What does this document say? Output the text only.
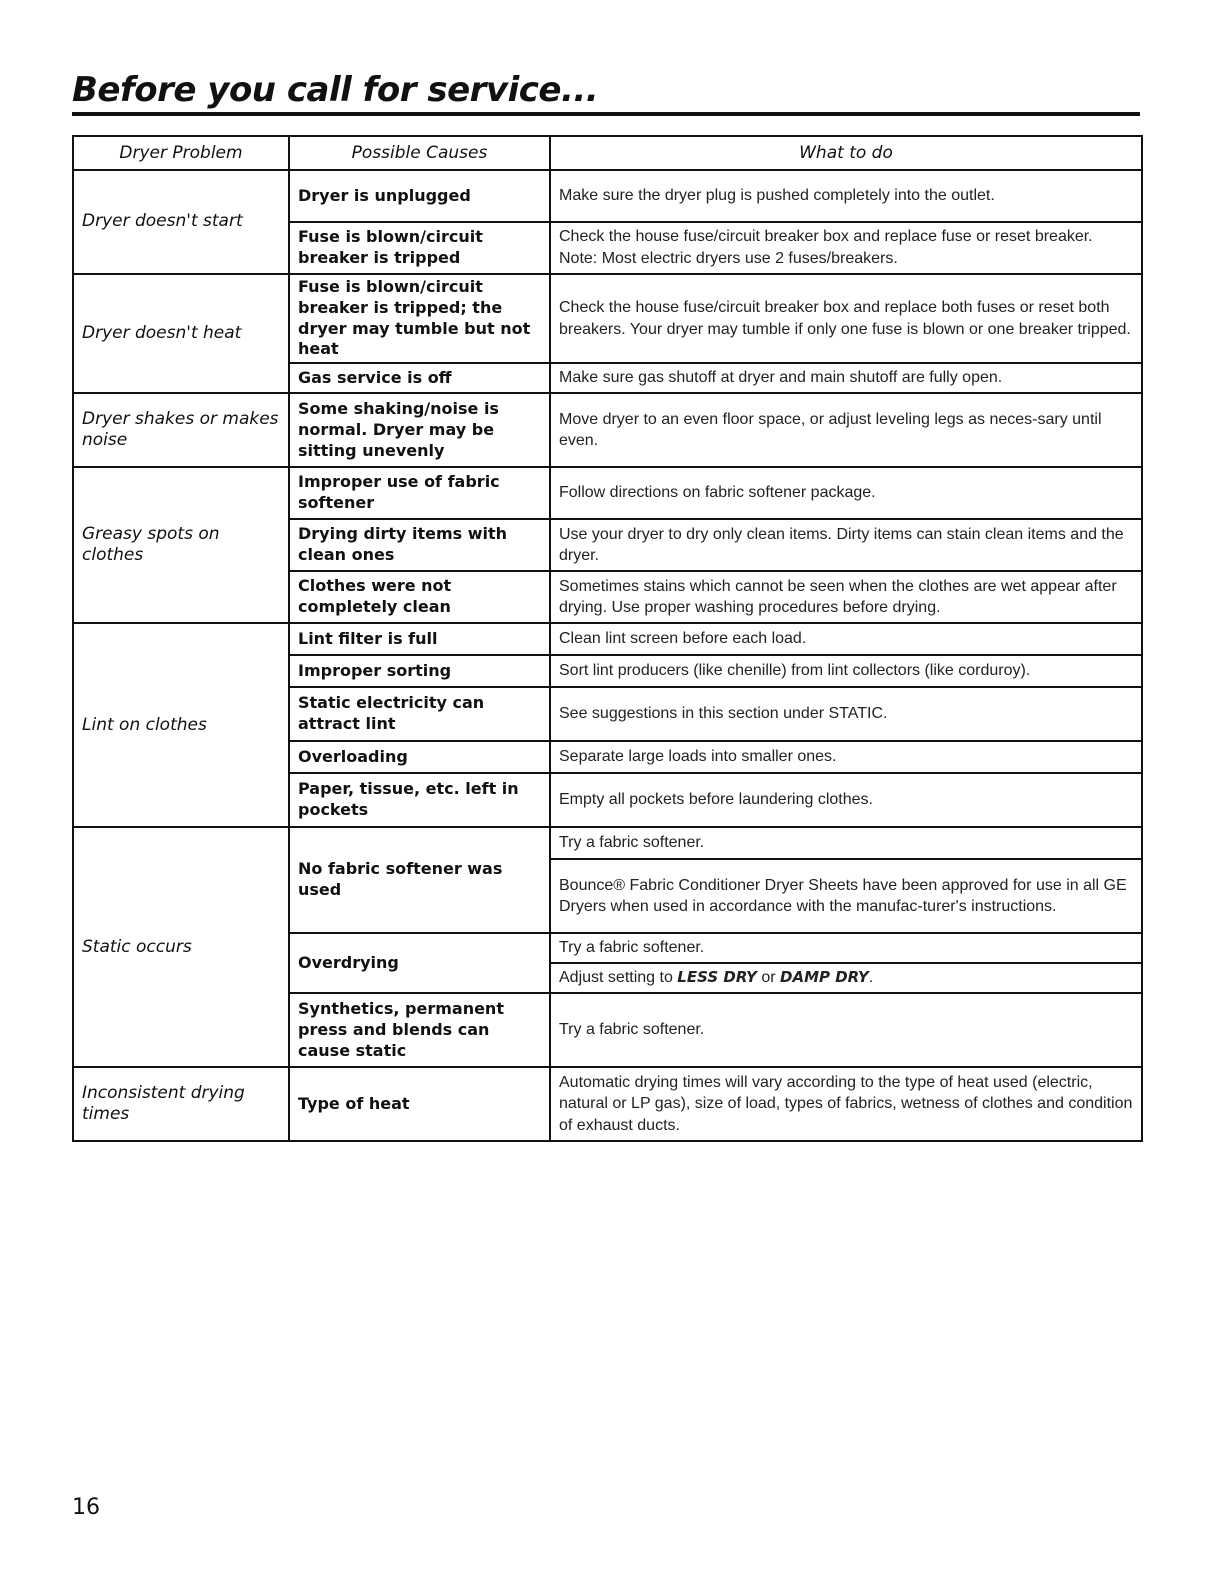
Before you call for service...
Dryer Problem	Possible Causes	What to do
Dryer doesn't start	Dryer is unplugged	Make sure the dryer plug is pushed completely into the outlet.
	Fuse is blown/circuit breaker is tripped	Check the house fuse/circuit breaker box and replace fuse or reset breaker. Note: Most electric dryers use 2 fuses/breakers.
Dryer doesn't heat	Fuse is blown/circuit breaker is tripped; the dryer may tumble but not heat	Check the house fuse/circuit breaker box and replace both fuses or reset both breakers. Your dryer may tumble if only one fuse is blown or one breaker tripped.
	Gas service is off	Make sure gas shutoff at dryer and main shutoff are fully open.
Dryer shakes or makes noise	Some shaking/noise is normal. Dryer may be sitting unevenly	Move dryer to an even floor space, or adjust leveling legs as neces-sary until even.
Greasy spots on clothes	Improper use of fabric softener	Follow directions on fabric softener package.
	Drying dirty items with clean ones	Use your dryer to dry only clean items. Dirty items can stain clean items and the dryer.
	Clothes were not completely clean	Sometimes stains which cannot be seen when the clothes are wet appear after drying. Use proper washing procedures before drying.
Lint on clothes	Lint filter is full	Clean lint screen before each load.
	Improper sorting	Sort lint producers (like chenille) from lint collectors (like corduroy).
	Static electricity can attract lint	See suggestions in this section under STATIC.
	Overloading	Separate large loads into smaller ones.
	Paper, tissue, etc. left in pockets	Empty all pockets before laundering clothes.
Static occurs	No fabric softener was used	Try a fabric softener.
		Bounce® Fabric Conditioner Dryer Sheets have been approved for use in all GE Dryers when used in accordance with the manufac-turer's instructions.
	Overdrying	Try a fabric softener.
		Adjust setting to LESS DRY or DAMP DRY.
	Synthetics, permanent press and blends can cause static	Try a fabric softener.
Inconsistent drying times	Type of heat	Automatic drying times will vary according to the type of heat used (electric, natural or LP gas), size of load, types of fabrics, wetness of clothes and condition of exhaust ducts.
16
